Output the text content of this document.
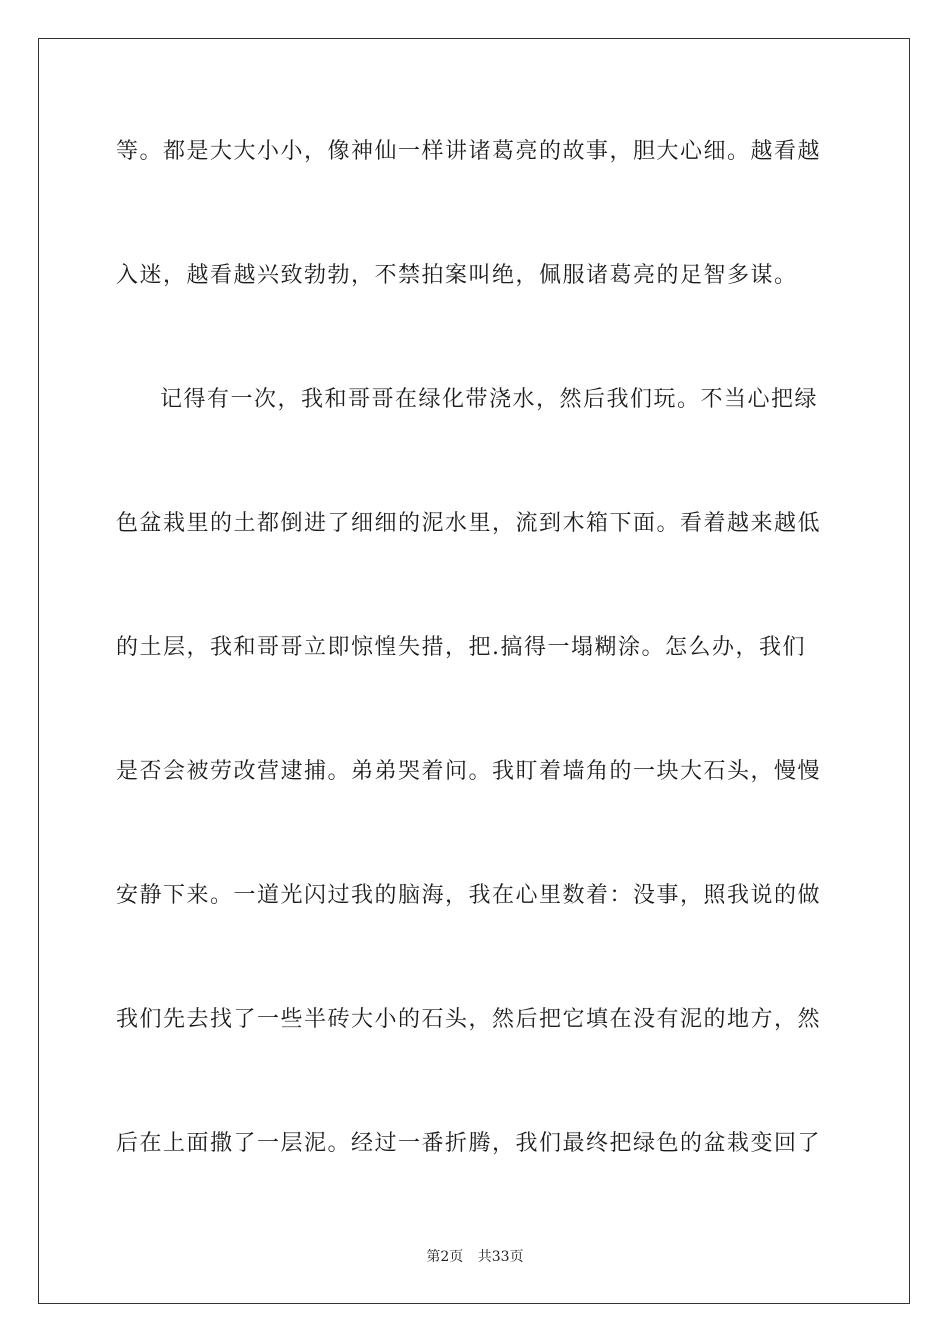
等。都是大大小小，像神仙一样讲诸葛亮的故事，胆大心细。越看越
入迷，越看越兴致勃勃，不禁拍案叫绝，佩服诸葛亮的足智多谋。
记得有一次，我和哥哥在绿化带浇水，然后我们玩。不当心把绿
色盆栽里的土都倒进了细细的泥水里，流到木箱下面。看着越来越低
的土层，我和哥哥立即惊惶失措，把.搞得一塌糊涂。怎么办，我们
是否会被劳改营逮捕。弟弟哭着问。我盯着墙角的一块大石头，慢慢
安静下来。一道光闪过我的脑海，我在心里数着：没事，照我说的做
我们先去找了一些半砖大小的石头，然后把它填在没有泥的地方，然
后在上面撒了一层泥。经过一番折腾，我们最终把绿色的盆栽变回了
第2页 共33页
